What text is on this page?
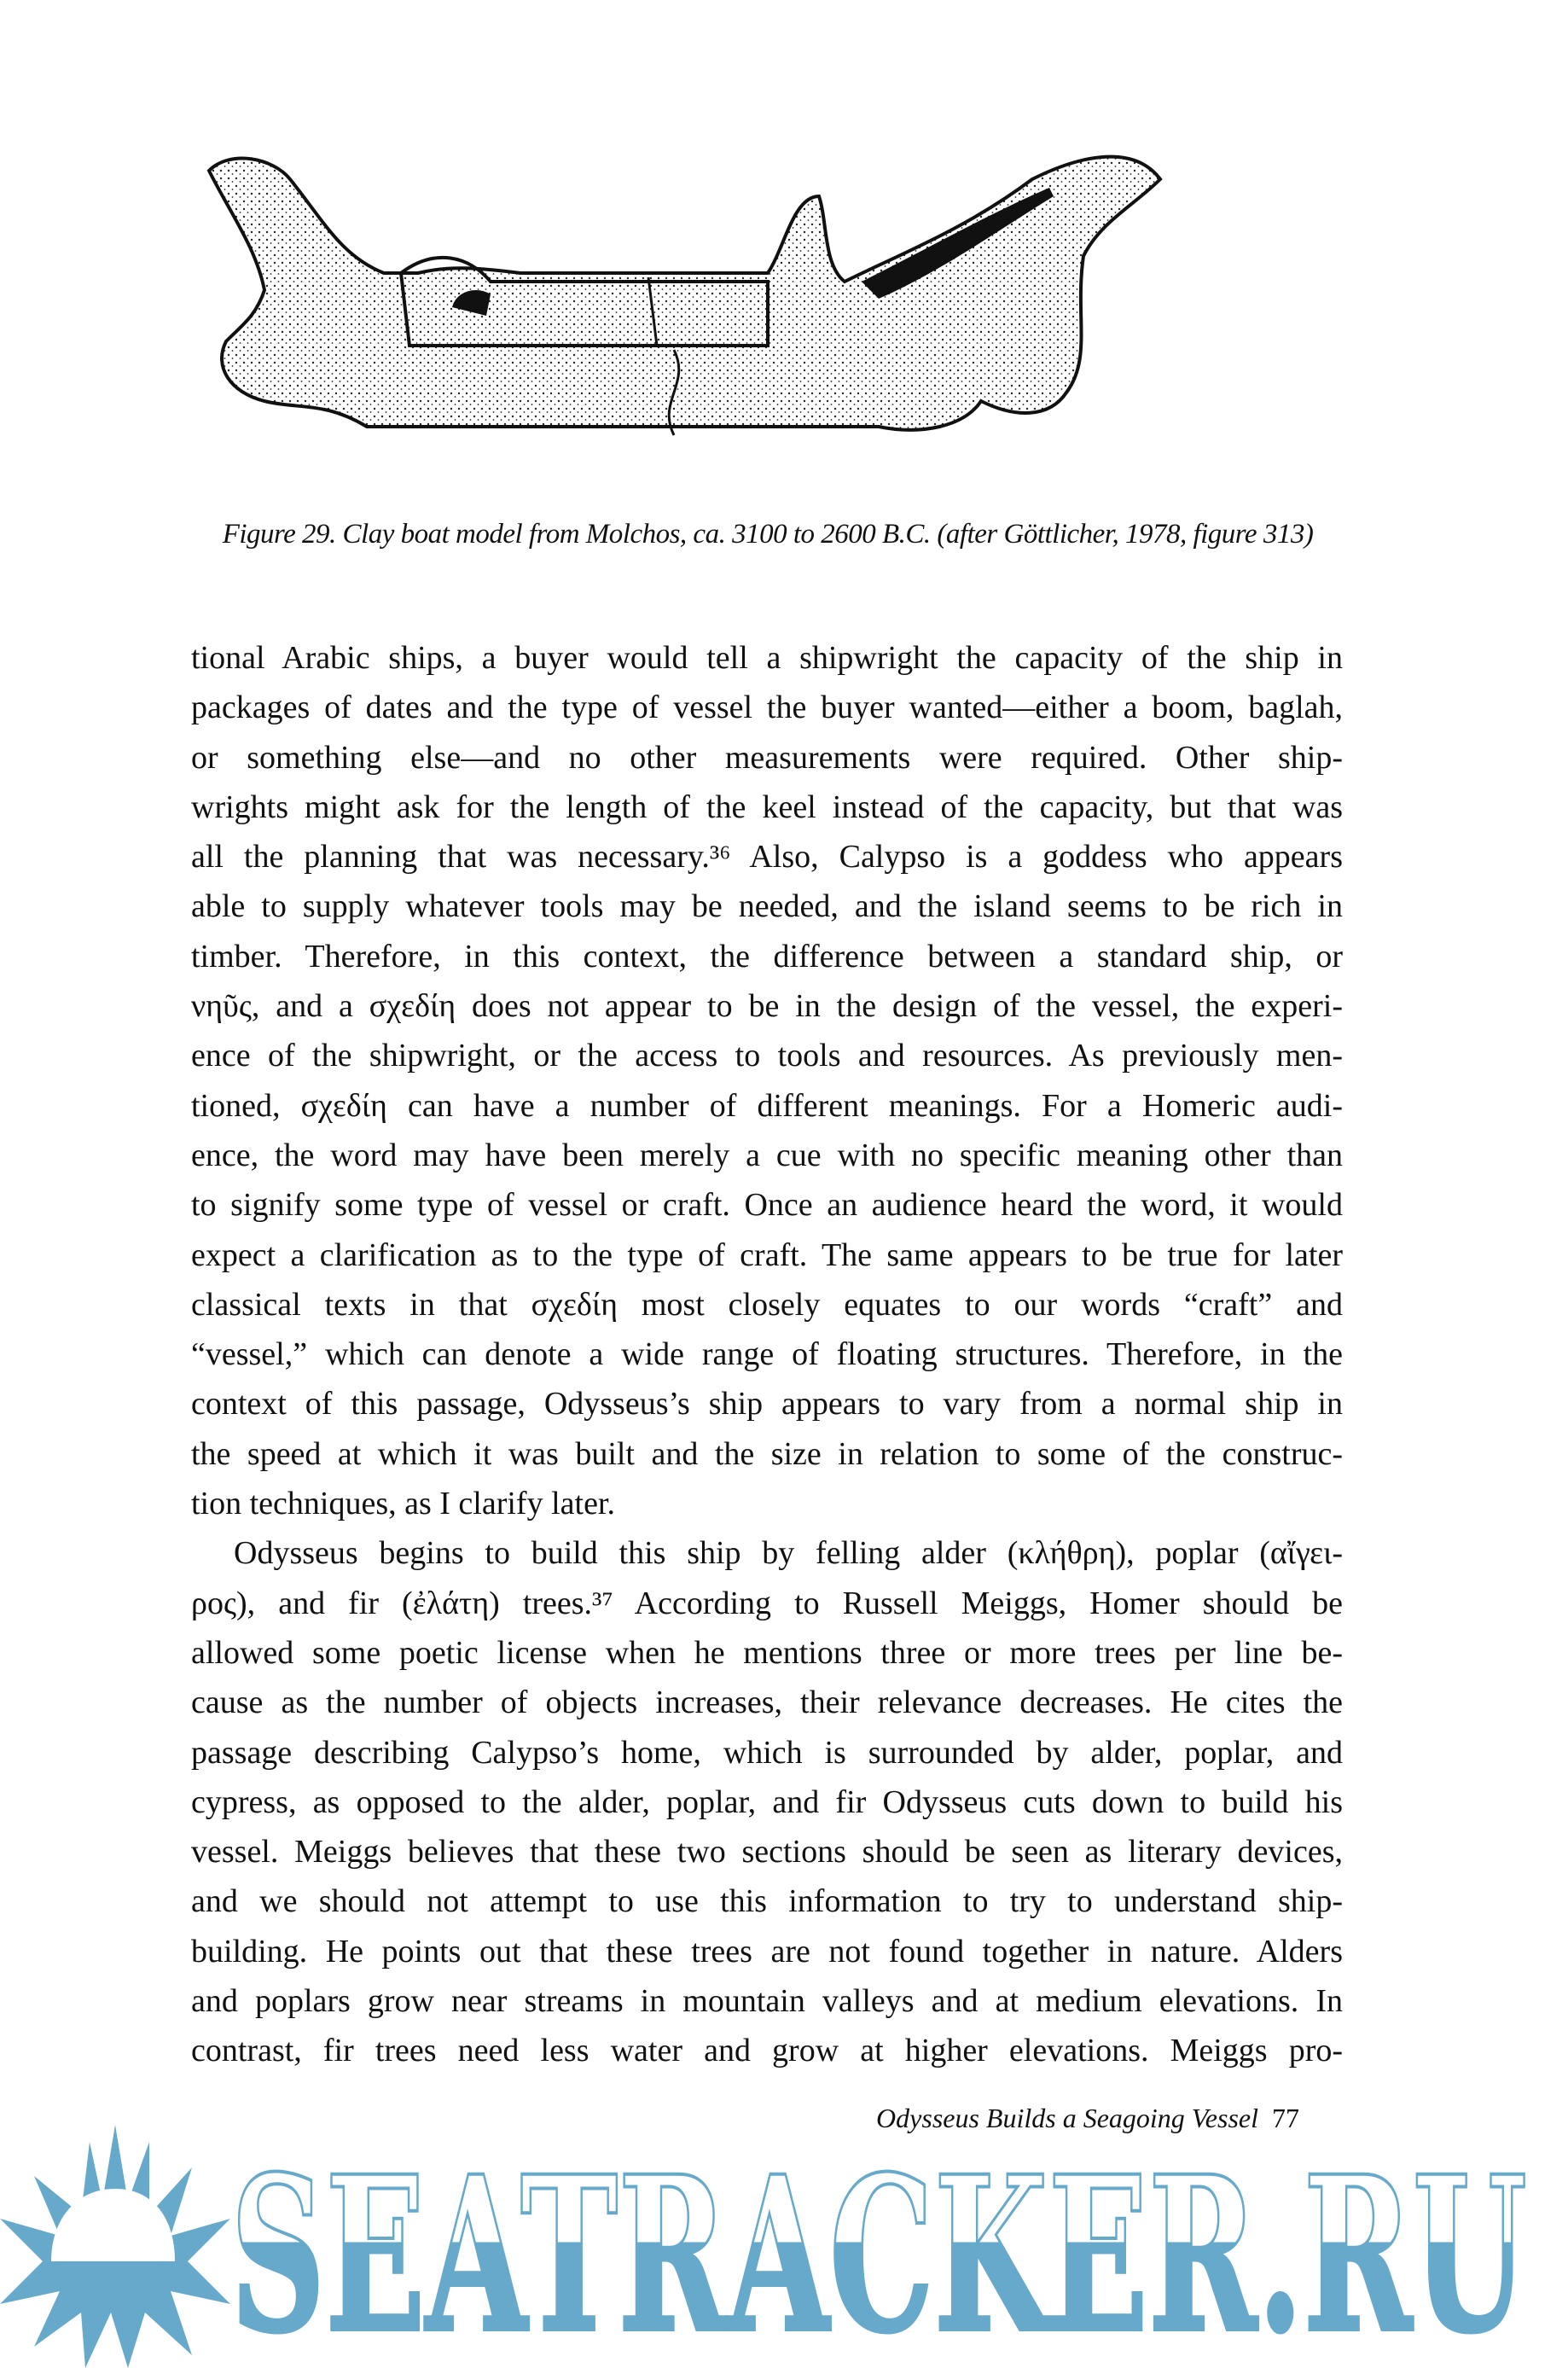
Figure 29. Clay boat model from Molchos, ca. 3100 to 2600 B.C. (after Göttlicher, 1978, figure 313)
tional Arabic ships, a buyer would tell a shipwright the capacity of the ship in
packages of dates and the type of vessel the buyer wanted—either a boom, baglah,
or something else—and no other measurements were required. Other ship-
wrights might ask for the length of the keel instead of the capacity, but that was
all the planning that was necessary.³⁶ Also, Calypso is a goddess who appears
able to supply whatever tools may be needed, and the island seems to be rich in
timber. Therefore, in this context, the difference between a standard ship, or
νηῦς, and a σχεδίη does not appear to be in the design of the vessel, the experi-
ence of the shipwright, or the access to tools and resources. As previously men-
tioned, σχεδίη can have a number of different meanings. For a Homeric audi-
ence, the word may have been merely a cue with no specific meaning other than
to signify some type of vessel or craft. Once an audience heard the word, it would
expect a clarification as to the type of craft. The same appears to be true for later
classical texts in that σχεδίη most closely equates to our words “craft” and
“vessel,” which can denote a wide range of floating structures. Therefore, in the
context of this passage, Odysseus’s ship appears to vary from a normal ship in
the speed at which it was built and the size in relation to some of the construc-
tion techniques, as I clarify later.
Odysseus begins to build this ship by felling alder (κλήθρη), poplar (αἴγει-
ρος), and fir (ἐλάτη) trees.³⁷ According to Russell Meiggs, Homer should be
allowed some poetic license when he mentions three or more trees per line be-
cause as the number of objects increases, their relevance decreases. He cites the
passage describing Calypso’s home, which is surrounded by alder, poplar, and
cypress, as opposed to the alder, poplar, and fir Odysseus cuts down to build his
vessel. Meiggs believes that these two sections should be seen as literary devices,
and we should not attempt to use this information to try to understand ship-
building. He points out that these trees are not found together in nature. Alders
and poplars grow near streams in mountain valleys and at medium elevations. In
contrast, fir trees need less water and grow at higher elevations. Meiggs pro-
Odysseus Builds a Seagoing Vessel 77
SEATRACKER.RU
